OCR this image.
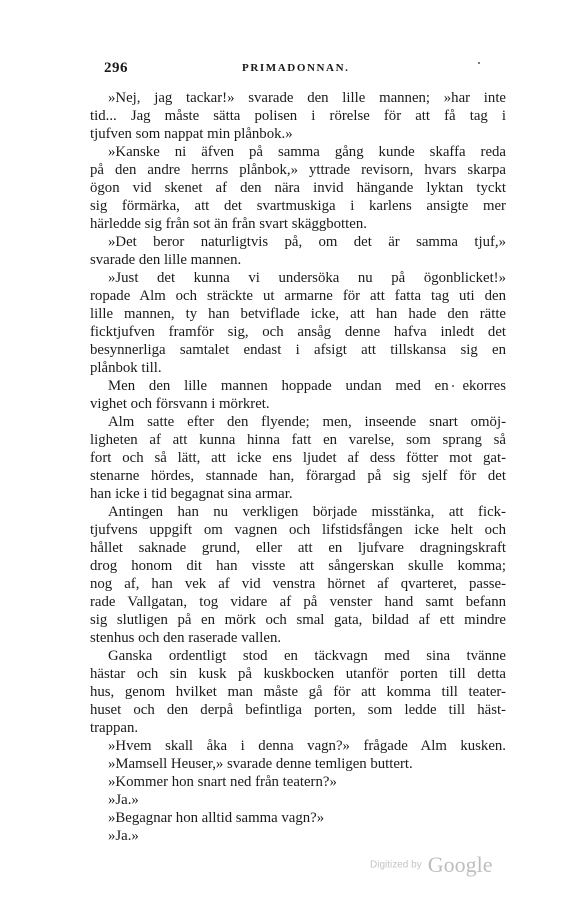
296	PRIMADONNAN.
»Nej, jag tackar!» svarade den lille mannen; »har inte
tid... Jag måste sätta polisen i rörelse för att få tag i
tjufven som nappat min plånbok.»
»Kanske ni äfven på samma gång kunde skaffa reda
på den andre herrns plånbok,» yttrade revisorn, hvars skarpa
ögon vid skenet af den nära invid hängande lyktan tyckt
sig förmärka, att det svartmuskiga i karlens ansigte mer
härledde sig från sot än från svart skäggbotten.
»Det beror naturligtvis på, om det är samma tjuf,»
svarade den lille mannen.
»Just det kunna vi undersöka nu på ögonblicket!»
ropade Alm och sträckte ut armarne för att fatta tag uti den
lille mannen, ty han betviflade icke, att han hade den rätte
ficktjufven framför sig, och ansåg denne hafva inledt det
besynnerliga samtalet endast i afsigt att tillskansa sig en
plånbok till.
Men den lille mannen hoppade undan med en ekorres
vighet och försvann i mörkret.
Alm satte efter den flyende; men, inseende snart omöj-
ligheten af att kunna hinna fatt en varelse, som sprang så
fort och så lätt, att icke ens ljudet af dess fötter mot gat-
stenarne hördes, stannade han, förargad på sig sjelf för det
han icke i tid begagnat sina armar.
Antingen han nu verkligen började misstänka, att fick-
tjufvens uppgift om vagnen och lifstidsfången icke helt och
hållet saknade grund, eller att en ljufvare dragningskraft
drog honom dit han visste att sångerskan skulle komma;
nog af, han vek af vid venstra hörnet af qvarteret, passe-
rade Vallgatan, tog vidare af på venster hand samt befann
sig slutligen på en mörk och smal gata, bildad af ett mindre
stenhus och den raserade vallen.
Ganska ordentligt stod en täckvagn med sina tvänne
hästar och sin kusk på kuskbocken utanför porten till detta
hus, genom hvilket man måste gå för att komma till teater-
huset och den derpå befintliga porten, som ledde till häst-
trappan.
»Hvem skall åka i denna vagn?» frågade Alm kusken.
»Mamsell Heuser,» svarade denne temligen buttert.
»Kommer hon snart ned från teatern?»
»Ja.»
»Begagnar hon alltid samma vagn?»
»Ja.»
Digitized by Google
